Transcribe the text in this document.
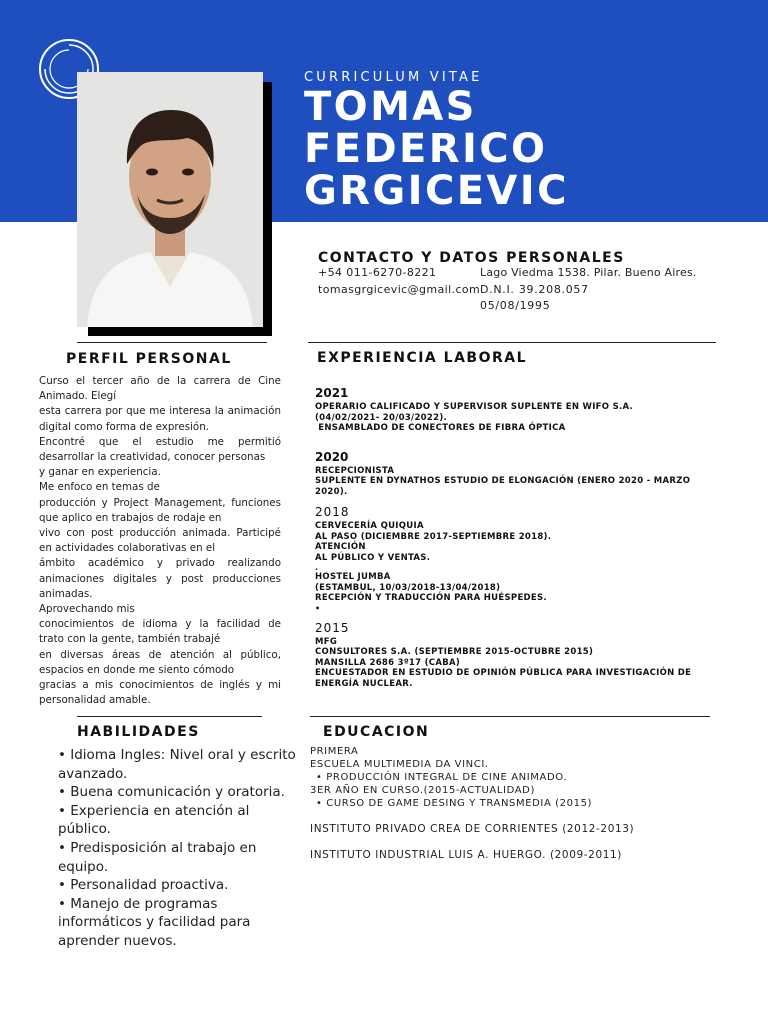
CURRICULUM VITAE
TOMAS
FEDERICO
GRGICEVIC
CONTACTO Y DATOS PERSONALES
+54 011-6270-8221
tomasgrgicevic@gmail.com
Lago Viedma 1538. Pilar. Bueno Aires.
D.N.I. 39.208.057
05/08/1995
PERFIL PERSONAL
Curso el tercer año de la carrera de Cine Animado. Elegí
esta carrera por que me interesa la animación digital como forma de expresión.
Encontré que el estudio me permitió desarrollar la creatividad, conocer personas
y ganar en experiencia.
Me enfoco en temas de
producción y Project Management, funciones que aplico en trabajos de rodaje en
vivo con post producción animada. Participé en actividades colaborativas en el
ámbito académico y privado realizando animaciones digitales y post producciones animadas.
Aprovechando mis
conocimientos de idioma y la facilidad de trato con la gente, también trabajé
en diversas áreas de atención al público, espacios en donde me siento cómodo
gracias a mis conocimientos de inglés y mi personalidad amable.
EXPERIENCIA LABORAL
2021
OPERARIO CALIFICADO Y SUPERVISOR SUPLENTE EN WIFO S.A.
(04/02/2021- 20/03/2022).
ENSAMBLADO DE CONECTORES DE FIBRA ÓPTICA
2020
RECEPCIONISTA
SUPLENTE EN DYNATHOS ESTUDIO DE ELONGACIÓN (ENERO 2020 - MARZO 2020).
2018
CERVECERÍA QUIQUIA
AL PASO (DICIEMBRE 2017-SEPTIEMBRE 2018).
ATENCIÓN
AL PÚBLICO Y VENTAS.
.
HOSTEL JUMBA
(ESTAMBUL, 10/03/2018-13/04/2018)
RECEPCIÓN Y TRADUCCIÓN PARA HUÉSPEDES.
•
2015
MFG
CONSULTORES S.A. (SEPTIEMBRE 2015-OCTUBRE 2015)
MANSILLA 2686 3º17 (CABA)
ENCUESTADOR EN ESTUDIO DE OPINIÓN PÚBLICA PARA INVESTIGACIÓN DE ENERGÍA NUCLEAR.
HABILIDADES
• Idioma Ingles: Nivel oral y escrito avanzado.
• Buena comunicación y oratoria.
• Experiencia en atención al público.
• Predisposición al trabajo en equipo.
• Personalidad proactiva.
• Manejo de programas informáticos y facilidad para aprender nuevos.
EDUCACION
PRIMERA
ESCUELA MULTIMEDIA DA VINCI.
• PRODUCCIÓN INTEGRAL DE CINE ANIMADO.
3ER AÑO EN CURSO.(2015-ACTUALIDAD)
• CURSO DE GAME DESING Y TRANSMEDIA (2015)
INSTITUTO PRIVADO CREA DE CORRIENTES (2012-2013)
INSTITUTO INDUSTRIAL LUIS A. HUERGO. (2009-2011)
